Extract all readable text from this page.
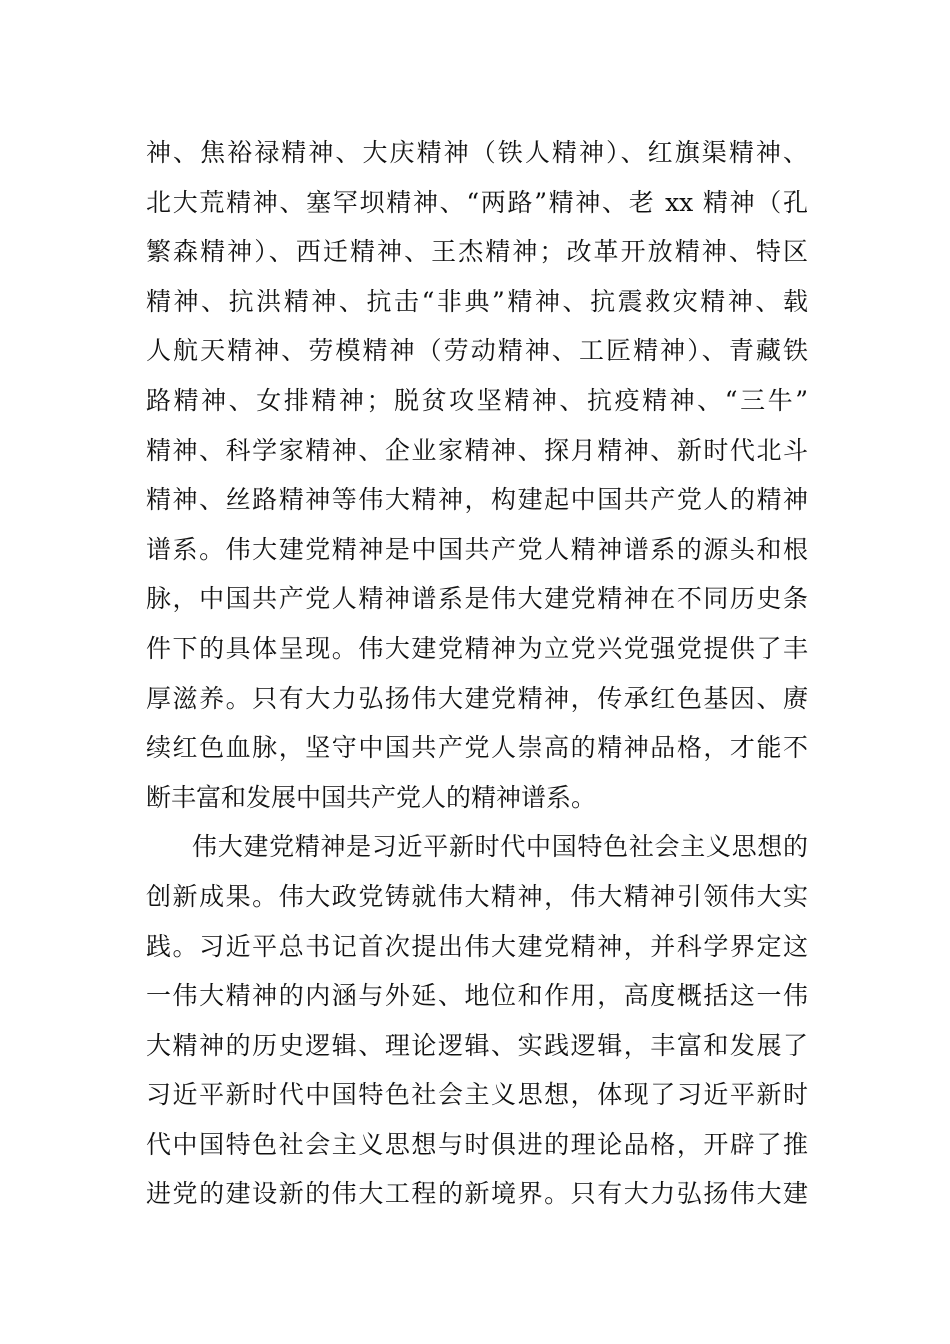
神、焦裕禄精神、大庆精神（铁人精神）、红旗渠精神、
北大荒精神、塞罕坝精神、“两路”精神、老 xx 精神（孔
繁森精神）、西迁精神、王杰精神；改革开放精神、特区
精神、抗洪精神、抗击“非典”精神、抗震救灾精神、载
人航天精神、劳模精神（劳动精神、工匠精神）、青藏铁
路精神、女排精神；脱贫攻坚精神、抗疫精神、“三牛”
精神、科学家精神、企业家精神、探月精神、新时代北斗
精神、丝路精神等伟大精神，构建起中国共产党人的精神
谱系。伟大建党精神是中国共产党人精神谱系的源头和根
脉，中国共产党人精神谱系是伟大建党精神在不同历史条
件下的具体呈现。伟大建党精神为立党兴党强党提供了丰
厚滋养。只有大力弘扬伟大建党精神，传承红色基因、赓
续红色血脉，坚守中国共产党人崇高的精神品格，才能不
断丰富和发展中国共产党人的精神谱系。
伟大建党精神是习近平新时代中国特色社会主义思想的
创新成果。伟大政党铸就伟大精神，伟大精神引领伟大实
践。习近平总书记首次提出伟大建党精神，并科学界定这
一伟大精神的内涵与外延、地位和作用，高度概括这一伟
大精神的历史逻辑、理论逻辑、实践逻辑，丰富和发展了
习近平新时代中国特色社会主义思想，体现了习近平新时
代中国特色社会主义思想与时俱进的理论品格，开辟了推
进党的建设新的伟大工程的新境界。只有大力弘扬伟大建
